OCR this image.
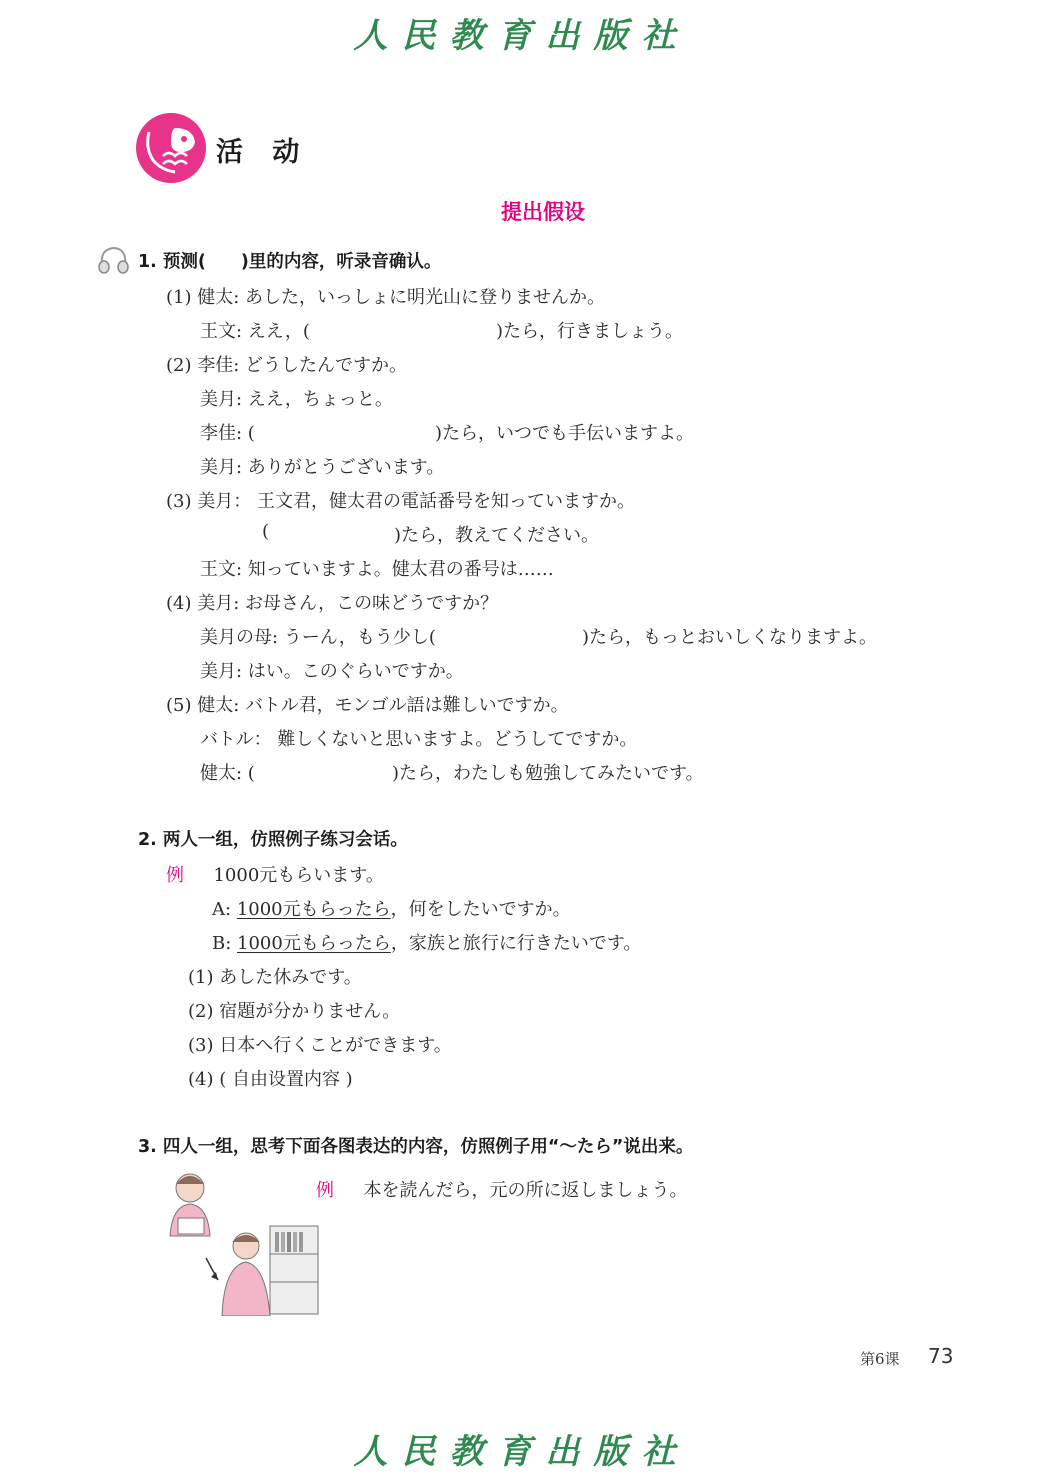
人民教育出版社
活 动
提出假设
1. 预测(　　)里的内容，听录音确认。
(1) 健太: あした，いっしょに明光山に登りませんか。
王文: ええ，(	)たら，行きましょう。
(2) 李佳: どうしたんですか。
美月: ええ，ちょっと。
李佳: (	)たら，いつでも手伝いますよ。
美月: ありがとうございます。
(3) 美月： 王文君，健太君の電話番号を知っていますか。
(	)たら，教えてください。
王文: 知っていますよ。健太君の番号は……
(4) 美月: お母さん，この味どうですか？
美月の母: うーん，もう少し(	)たら，もっとおいしくなりますよ。
美月: はい。このぐらいですか。
(5) 健太: バトル君，モンゴル語は難しいですか。
バトル： 難しくないと思いますよ。どうしてですか。
健太: (	)たら，わたしも勉強してみたいです。
2. 两人一组，仿照例子练习会话。
例 1000元もらいます。
A: 1000元もらったら，何をしたいですか。
B: 1000元もらったら，家族と旅行に行きたいです。
(1) あした休みです。
(2) 宿題が分かりません。
(3) 日本へ行くことができます。
(4) ( 自由设置内容 )
3. 四人一组，思考下面各图表达的内容，仿照例子用“～たら”说出来。
例 本を読んだら，元の所に返しましょう。
第6课 73
人民教育出版社
